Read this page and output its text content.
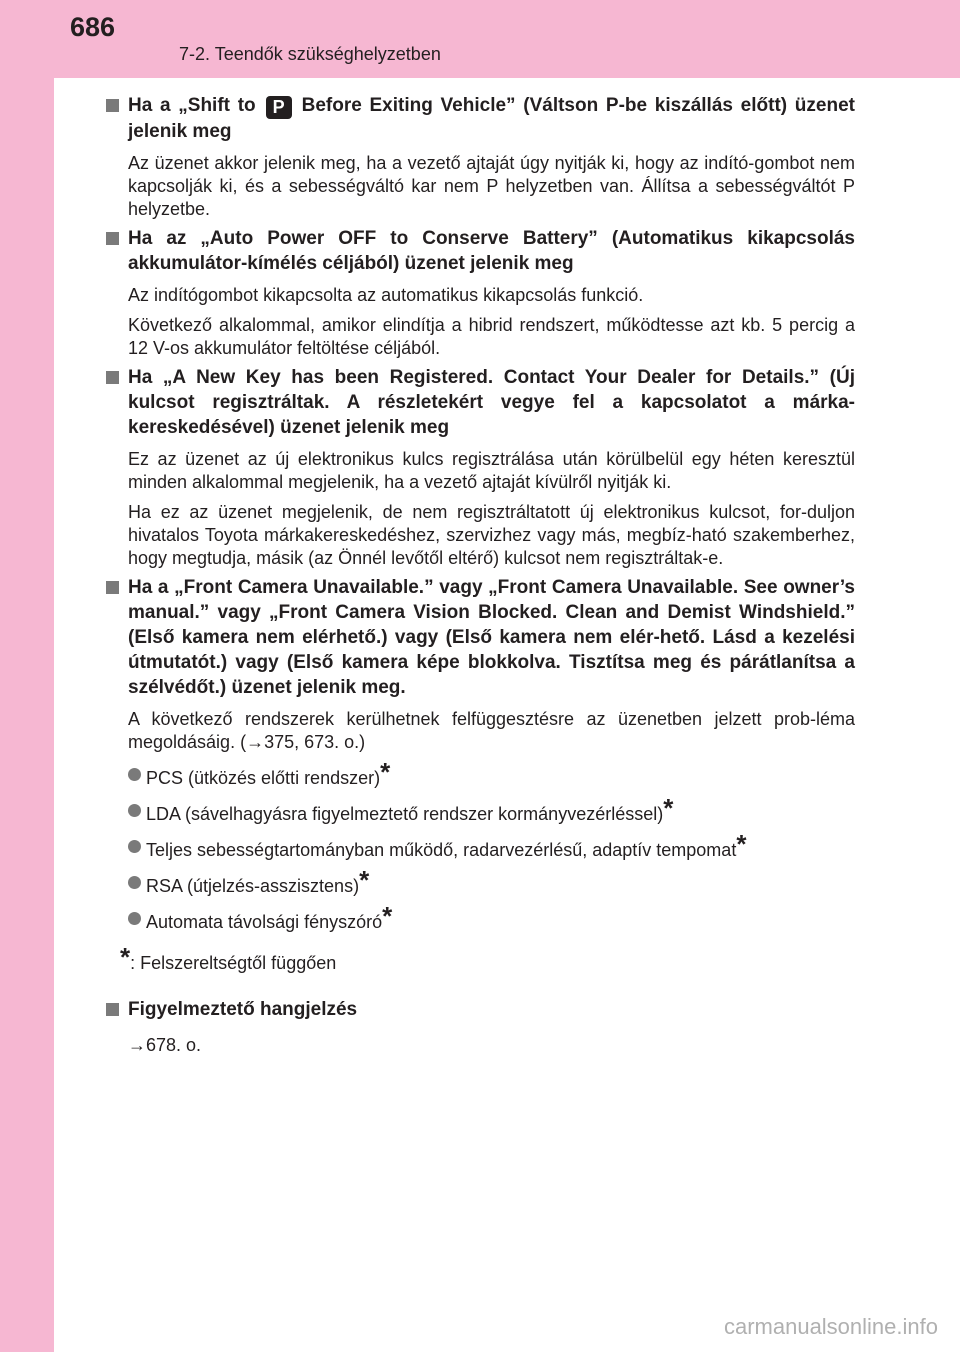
686
7-2. Teendők szükséghelyzetben
Ha a „Shift to P Before Exiting Vehicle” (Váltson P-be kiszállás előtt) üzenet jelenik meg
Az üzenet akkor jelenik meg, ha a vezető ajtaját úgy nyitják ki, hogy az indító-gombot nem kapcsolják ki, és a sebességváltó kar nem P helyzetben van. Állítsa a sebességváltót P helyzetbe.
Ha az „Auto Power OFF to Conserve Battery” (Automatikus kikapcsolás akkumulátor-kímélés céljából) üzenet jelenik meg
Az indítógombot kikapcsolta az automatikus kikapcsolás funkció.
Következő alkalommal, amikor elindítja a hibrid rendszert, működtesse azt kb. 5 percig a 12 V-os akkumulátor feltöltése céljából.
Ha „A New Key has been Registered. Contact Your Dealer for Details.” (Új kulcsot regisztráltak. A részletekért vegye fel a kapcsolatot a márka-kereskedésével) üzenet jelenik meg
Ez az üzenet az új elektronikus kulcs regisztrálása után körülbelül egy héten keresztül minden alkalommal megjelenik, ha a vezető ajtaját kívülről nyitják ki.
Ha ez az üzenet megjelenik, de nem regisztráltatott új elektronikus kulcsot, for-duljon hivatalos Toyota márkakereskedéshez, szervizhez vagy más, megbíz-ható szakemberhez, hogy megtudja, másik (az Önnél levőtől eltérő) kulcsot nem regisztráltak-e.
Ha a „Front Camera Unavailable.” vagy „Front Camera Unavailable. See owner’s manual.” vagy „Front Camera Vision Blocked. Clean and Demist Windshield.” (Első kamera nem elérhető.) vagy (Első kamera nem elér-hető. Lásd a kezelési útmutatót.) vagy (Első kamera képe blokkolva. Tisztítsa meg és párátlanítsa a szélvédőt.) üzenet jelenik meg.
A következő rendszerek kerülhetnek felfüggesztésre az üzenetben jelzett prob-léma megoldásáig. (→375, 673. o.)
PCS (ütközés előtti rendszer)*
LDA (sávelhagyásra figyelmeztető rendszer kormányvezérléssel)*
Teljes sebességtartományban működő, radarvezérlésű, adaptív tempomat*
RSA (útjelzés-asszisztens)*
Automata távolsági fényszóró*
*: Felszereltségtől függően
Figyelmeztető hangjelzés
→678. o.
carmanualsonline.info
